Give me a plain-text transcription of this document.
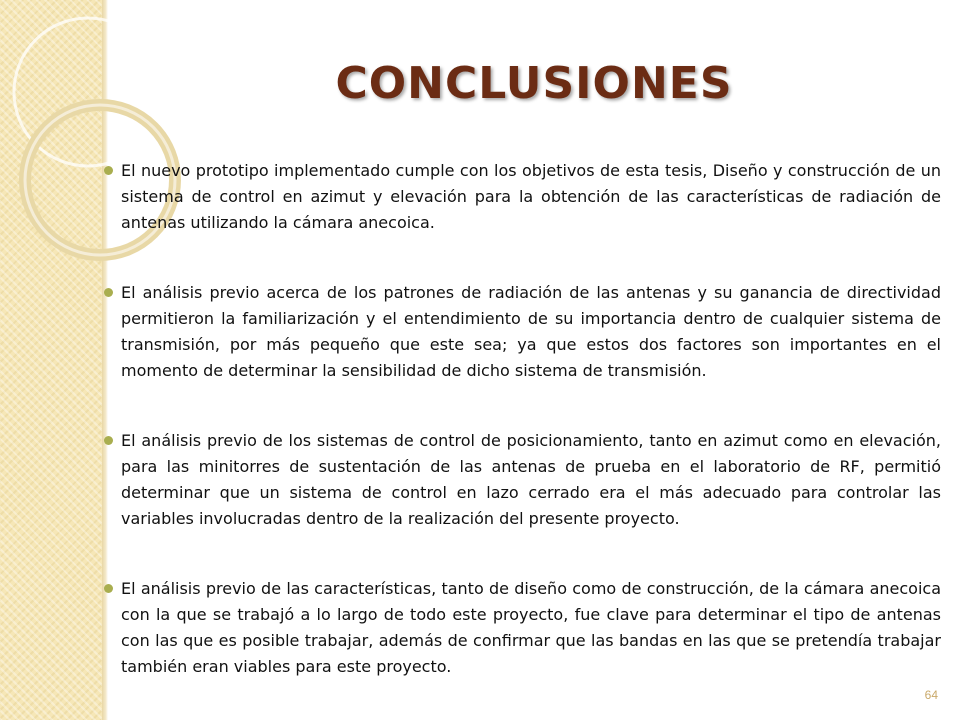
CONCLUSIONES
El nuevo prototipo implementado cumple con los objetivos de esta tesis, Diseño y construcción de un sistema de control en azimut y elevación para la obtención de las características de radiación de antenas utilizando la cámara anecoica.
El análisis previo acerca de los patrones de radiación de las antenas y su ganancia de directividad permitieron la familiarización y el entendimiento de su importancia dentro de cualquier sistema de transmisión, por más pequeño que este sea; ya que estos dos factores son importantes en el momento de determinar la sensibilidad de dicho sistema de transmisión.
El análisis previo de los sistemas de control de posicionamiento, tanto en azimut como en elevación, para las minitorres de sustentación de las antenas de prueba en el laboratorio de RF, permitió determinar que un sistema de control en lazo cerrado era el más adecuado para controlar las variables involucradas dentro de la realización del presente proyecto.
El análisis previo de las características, tanto de diseño como de construcción, de la cámara anecoica con la que se trabajó a lo largo de todo este proyecto, fue clave para determinar el tipo de antenas con las que es posible trabajar, además de confirmar que las bandas en las que se pretendía trabajar también eran viables para este proyecto.
64
